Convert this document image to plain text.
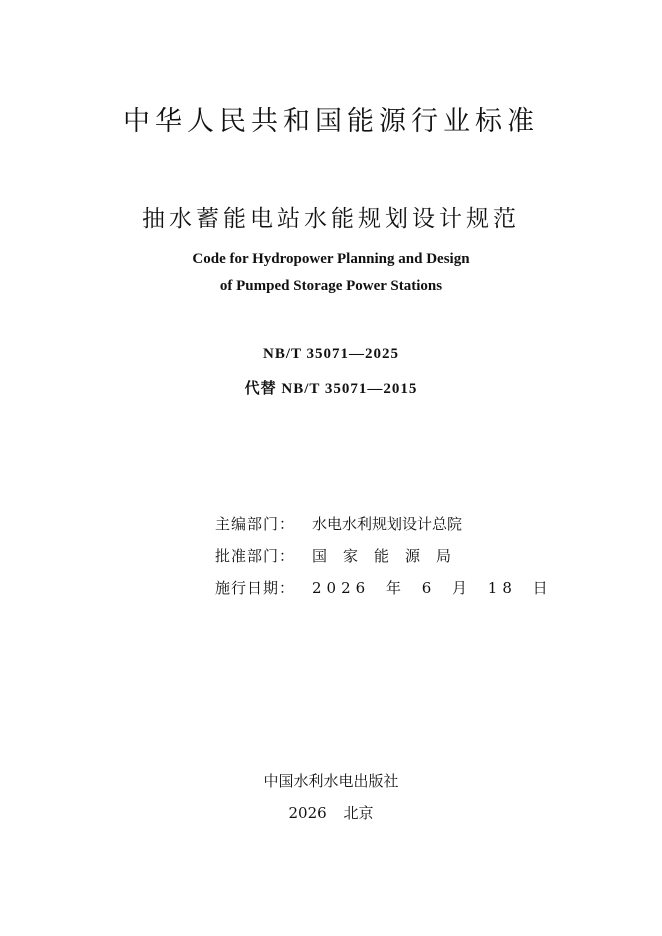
中华人民共和国能源行业标准
抽水蓄能电站水能规划设计规范
Code for Hydropower Planning and Design
of Pumped Storage Power Stations
NB/T 35071—2025
代替 NB/T 35071—2015
主编部门： 水电水利规划设计总院
批准部门： 国家能源局
施行日期： 2026 年 6 月 18 日
中国水利水电出版社
2026 北京
